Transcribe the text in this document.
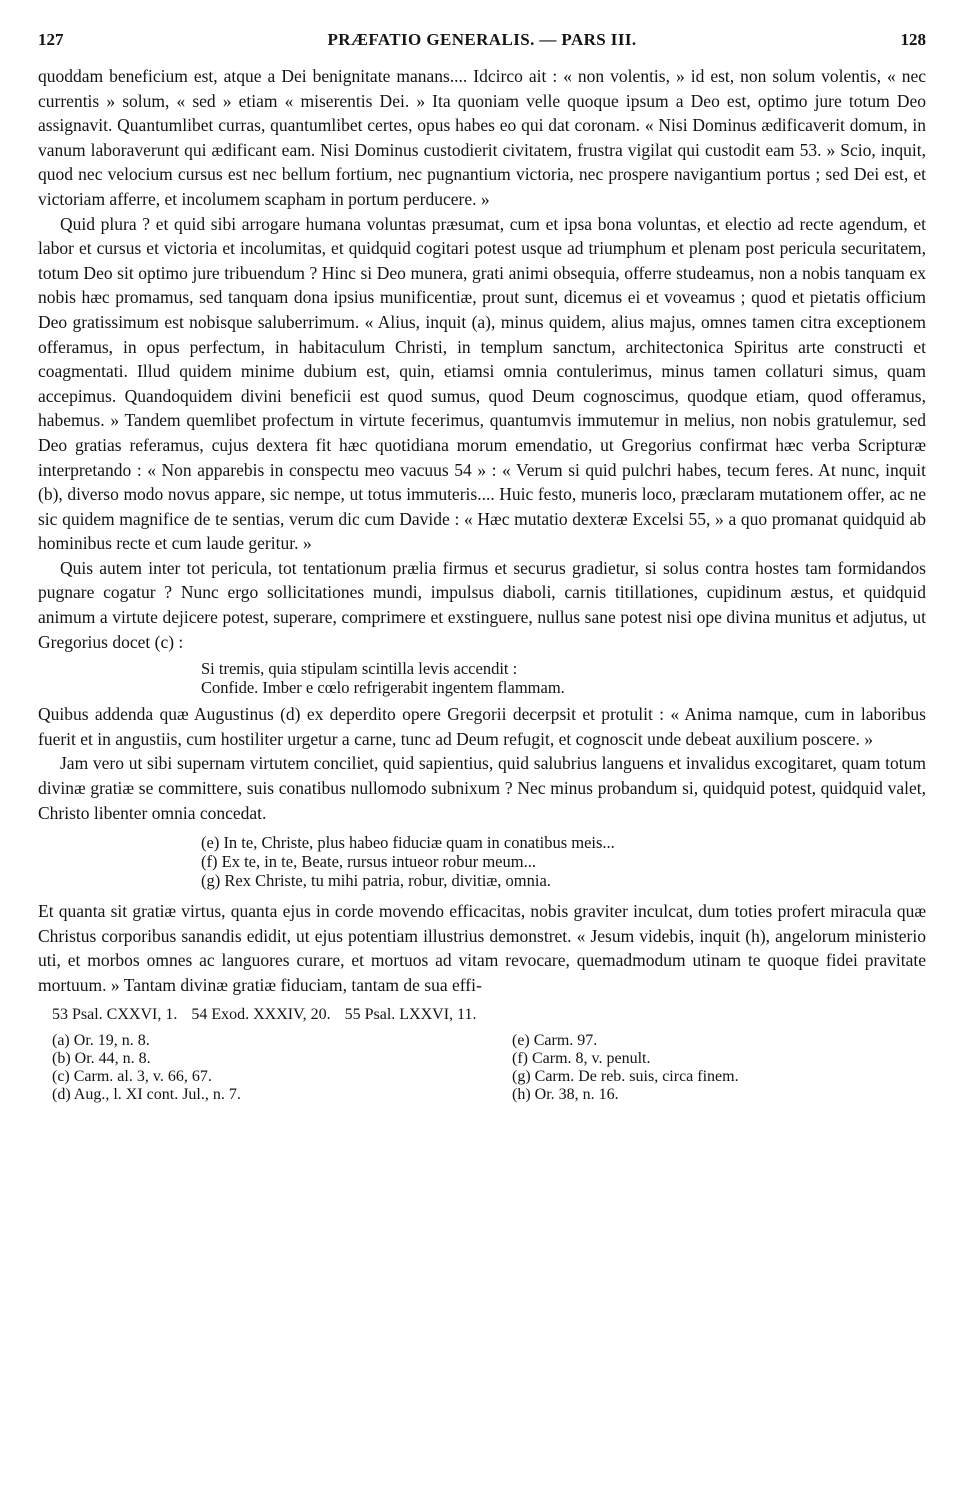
127	PRÆFATIO GENERALIS. — PARS III.	128

quoddam beneficium est, atque a Dei benignitate manans.... Idcirco ait : « non volentis, » id est, non solum volentis, « nec currentis » solum, « sed » etiam « miserentis Dei. » Ita quoniam velle quoque ipsum a Deo est, optimo jure totum Deo assignavit. Quantumlibet curras, quantumlibet certes, opus habes eo qui dat coronam. « Nisi Dominus ædificaverit domum, in vanum laboraverunt qui ædificant eam. Nisi Dominus custodierit civitatem, frustra vigilat qui custodit eam 53. » Scio, inquit, quod nec velocium cursus est nec bellum fortium, nec pugnantium victoria, nec prospere navigantium portus ; sed Dei est, et victoriam afferre, et incolumem scapham in portum perducere. »

Quid plura ? et quid sibi arrogare humana voluntas præsumat, cum et ipsa bona voluntas, et electio ad recte agendum, et labor et cursus et victoria et incolumitas, et quidquid cogitari potest usque ad triumphum et plenam post pericula securitatem, totum Deo sit optimo jure tribuendum ? Hinc si Deo munera, grati animi obsequia, offerre studeamus, non a nobis tanquam ex nobis hæc promamus, sed tanquam dona ipsius munificentiæ, prout sunt, dicemus ei et voveamus ; quod et pietatis officium Deo gratissimum est nobisque saluberrimum. « Alius, inquit (a), minus quidem, alius majus, omnes tamen citra exceptionem offeramus, in opus perfectum, in habitaculum Christi, in templum sanctum, architectonica Spiritus arte constructi et coagmentati. Illud quidem minime dubium est, quin, etiamsi omnia contulerimus, minus tamen collaturi simus, quam accepimus. Quandoquidem divini beneficii est quod sumus, quod Deum cognoscimus, quodque etiam, quod offeramus, habemus. » Tandem quemlibet profectum in virtute fecerimus, quantumvis immutemur in melius, non nobis gratulemur, sed Deo gratias referamus, cujus dextera fit hæc quotidiana morum emendatio, ut Gregorius confirmat hæc verba Scripturæ interpretando : « Non apparebis in conspectu meo vacuus 54 » : « Verum si quid pulchri habes, tecum feres. At nunc, inquit (b), diverso modo novus appare, sic nempe, ut totus immuteris.... Huic festo, muneris loco, præclaram mutationem offer, ac ne sic quidem magnifice de te sentias, verum dic cum Davide : « Hæc mutatio dexteræ Excelsi 55, » a quo promanat quidquid ab hominibus recte et cum laude geritur. »

Quis autem inter tot pericula, tot tentationum prælia firmus et securus gradietur, si solus contra hostes tam formidandos pugnare cogatur ? Nunc ergo sollicitationes mundi, impulsus diaboli, carnis titillationes, cupidinum æstus, et quidquid animum a virtute dejicere potest, superare, comprimere et exstinguere, nullus sane potest nisi ope divina munitus et adjutus, ut Gregorius docet (c) :

Si tremis, quia stipulam scintilla levis accendit :
Confide. Imber e cœlo refrigerabit ingentem flammam.

Quibus addenda quæ Augustinus (d) ex deperdito opere Gregorii decerpsit et protulit : « Anima namque, cum in laboribus fuerit et in angustiis, cum hostiliter urgetur a carne, tunc ad Deum refugit, et cognoscit unde debeat auxilium poscere. »

Jam vero ut sibi supernam virtutem conciliet, quid sapientius, quid salubrius languens et invalidus excogitaret, quam totum divinæ gratiæ se committere, suis conatibus nullomodo subnixum ? Nec minus probandum si, quidquid potest, quidquid valet, Christo libenter omnia concedat.

(e) In te, Christe, plus habeo fiduciæ quam in conatibus meis...
(f) Ex te, in te, Beate, rursus intueor robur meum...
(g) Rex Christe, tu mihi patria, robur, divitiæ, omnia.

Et quanta sit gratiæ virtus, quanta ejus in corde movendo efficacitas, nobis graviter inculcat, dum toties profert miracula quæ Christus corporibus sanandis edidit, ut ejus potentiam illustrius demonstret. « Jesum videbis, inquit (h), angelorum ministerio uti, et morbos omnes ac languores curare, et mortuos ad vitam revocare, quemadmodum utinam te quoque fidei pravitate mortuum. » Tantam divinæ gratiæ fiduciam, tantam de sua effi-

53 Psal. CXXVI, 1. 54 Exod. XXXIV, 20. 55 Psal. LXXVI, 11.
(a) Or. 19, n. 8.
(b) Or. 44, n. 8.
(c) Carm. al. 3, v. 66, 67.
(d) Aug., l. XI cont. Jul., n. 7.
(e) Carm. 97.
(f) Carm. 8, v. penult.
(g) Carm. De reb. suis, circa finem.
(h) Or. 38, n. 16.
